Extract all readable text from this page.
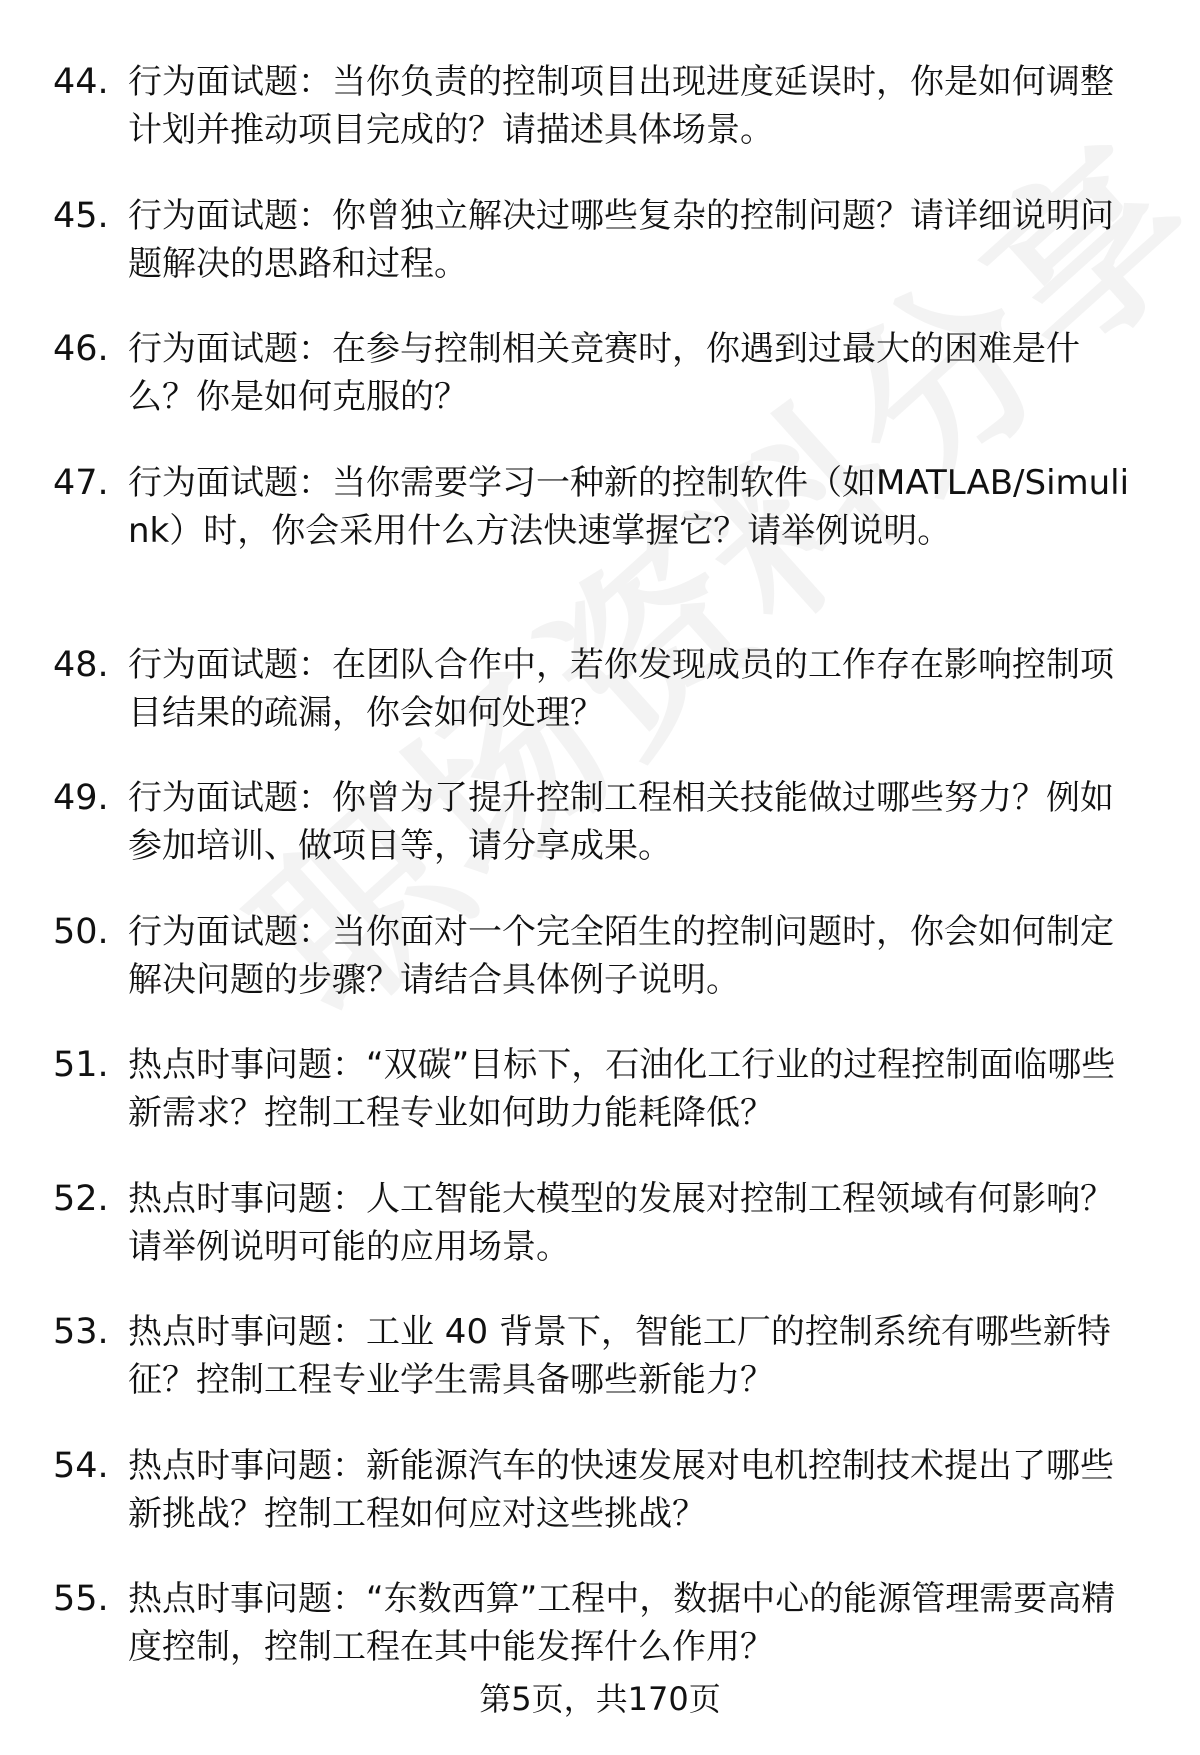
44. 行为面试题：当你负责的控制项目出现进度延误时，你是如何调整计划并推动项目完成的？请描述具体场景。
45. 行为面试题：你曾独立解决过哪些复杂的控制问题？请详细说明问题解决的思路和过程。
46. 行为面试题：在参与控制相关竞赛时，你遇到过最大的困难是什么？你是如何克服的？
47. 行为面试题：当你需要学习一种新的控制软件（如MATLAB/Simulink）时，你会采用什么方法快速掌握它？请举例说明。
48. 行为面试题：在团队合作中，若你发现成员的工作存在影响控制项目结果的疏漏，你会如何处理？
49. 行为面试题：你曾为了提升控制工程相关技能做过哪些努力？例如参加培训、做项目等，请分享成果。
50. 行为面试题：当你面对一个完全陌生的控制问题时，你会如何制定解决问题的步骤？请结合具体例子说明。
51. 热点时事问题：“双碳”目标下，石油化工行业的过程控制面临哪些新需求？控制工程专业如何助力能耗降低？
52. 热点时事问题：人工智能大模型的发展对控制工程领域有何影响？请举例说明可能的应用场景。
53. 热点时事问题：工业 40 背景下，智能工厂的控制系统有哪些新特征？控制工程专业学生需具备哪些新能力？
54. 热点时事问题：新能源汽车的快速发展对电机控制技术提出了哪些新挑战？控制工程如何应对这些挑战？
55. 热点时事问题：“东数西算”工程中，数据中心的能源管理需要高精度控制，控制工程在其中能发挥什么作用？
第5页，共170页
